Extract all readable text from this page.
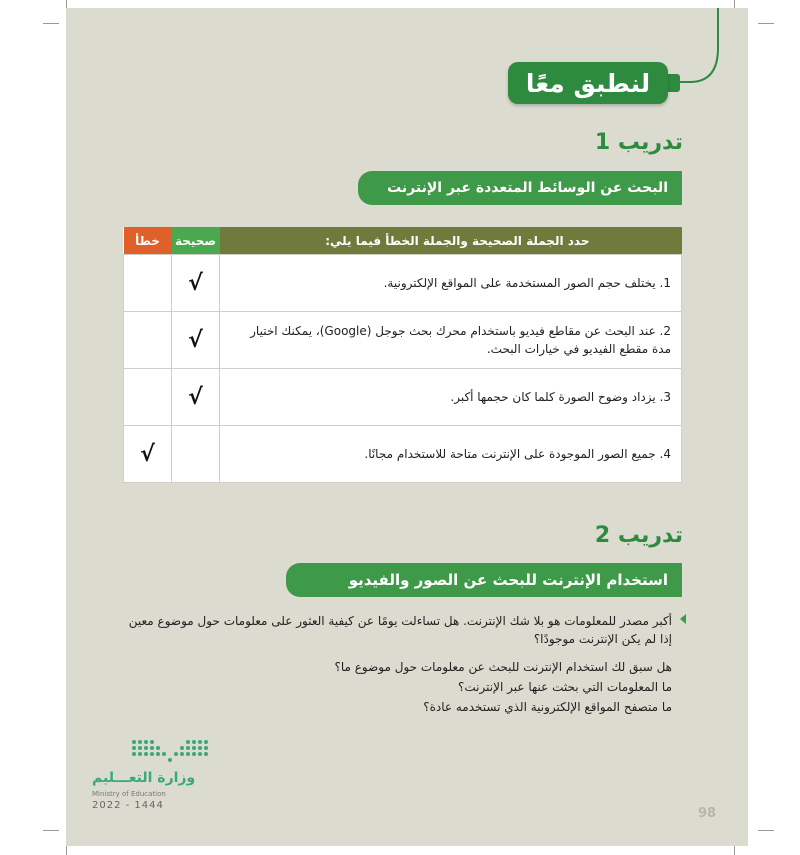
لنطبق معًا
تدريب 1
البحث عن الوسائط المتعددة عبر الإنترنت
حدد الجملة الصحيحة والجملة الخطأ فيما يلي:	صحيحة	خطأ
1. يختلف حجم الصور المستخدمة على المواقع الإلكترونية.	√	
2. عند البحث عن مقاطع فيديو باستخدام محرك بحث جوجل (Google)، يمكنك اختيار مدة مقطع الفيديو في خيارات البحث.	√	
3. يزداد وضوح الصورة كلما كان حجمها أكبر.	√	
4. جميع الصور الموجودة على الإنترنت متاحة للاستخدام مجانًا.		√
تدريب 2
استخدام الإنترنت للبحث عن الصور والفيديو
أكبر مصدر للمعلومات هو بلا شك الإنترنت. هل تساءلت يومًا عن كيفية العثور على معلومات حول موضوع معين إذا لم يكن الإنترنت موجودًا؟
هل سبق لك استخدام الإنترنت للبحث عن معلومات حول موضوع ما؟
ما المعلومات التي بحثت عنها عبر الإنترنت؟
ما متصفح المواقع الإلكترونية الذي تستخدمه عادة؟
وزارة التعـــليم
Ministry of Education
2022 - 1444
98
